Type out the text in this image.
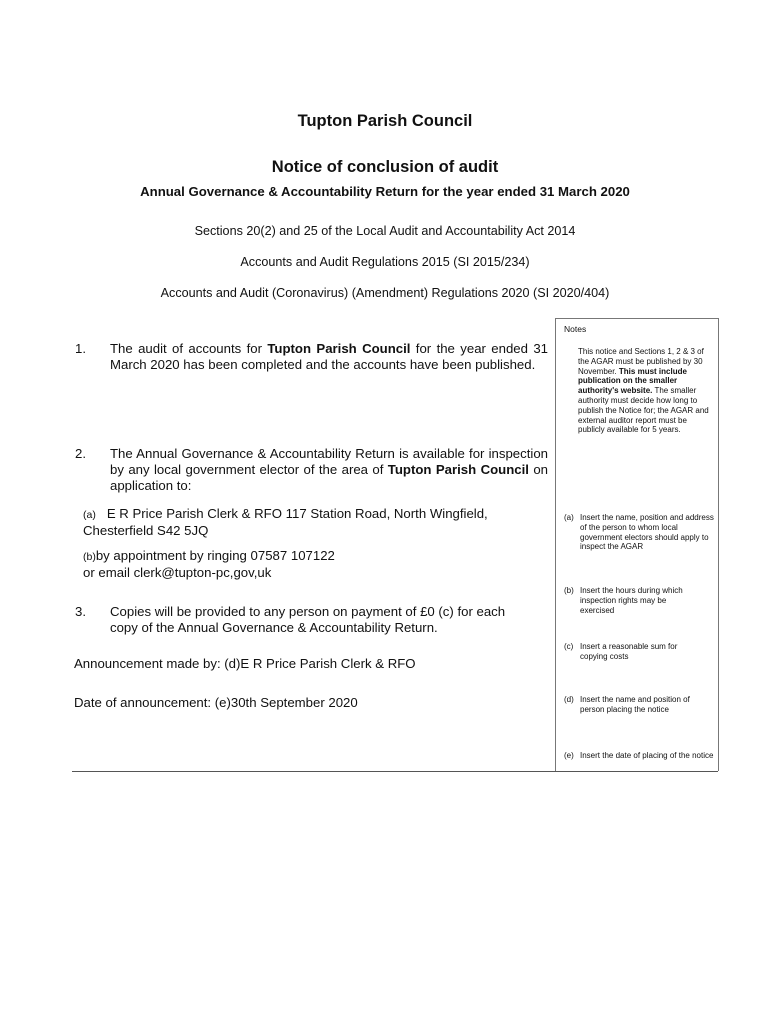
Tupton Parish Council
Notice of conclusion of audit
Annual Governance & Accountability Return for the year ended 31 March 2020
Sections 20(2) and 25 of the Local Audit and Accountability Act 2014
Accounts and Audit Regulations 2015 (SI 2015/234)
Accounts and Audit (Coronavirus) (Amendment) Regulations 2020 (SI 2020/404)
1. The audit of accounts for Tupton Parish Council for the year ended 31 March 2020 has been completed and the accounts have been published.
2. The Annual Governance & Accountability Return is available for inspection by any local government elector of the area of Tupton Parish Council on application to:
(a) E R Price Parish Clerk & RFO 117 Station Road, North Wingfield,
Chesterfield S42 5JQ
(b)by appointment by ringing 07587 107122
or email clerk@tupton-pc,gov,uk
3. Copies will be provided to any person on payment of £0 (c) for each copy of the Annual Governance & Accountability Return.
Announcement made by: (d)E R Price Parish Clerk & RFO
Date of announcement: (e)30th September 2020
Notes
This notice and Sections 1, 2 & 3 of the AGAR must be published by 30 November. This must include publication on the smaller authority's website. The smaller authority must decide how long to publish the Notice for; the AGAR and external auditor report must be publicly available for 5 years.
(a) Insert the name, position and address of the person to whom local government electors should apply to inspect the AGAR
(b) Insert the hours during which inspection rights may be exercised
(c) Insert a reasonable sum for copying costs
(d) Insert the name and position of person placing the notice
(e) Insert the date of placing of the notice
